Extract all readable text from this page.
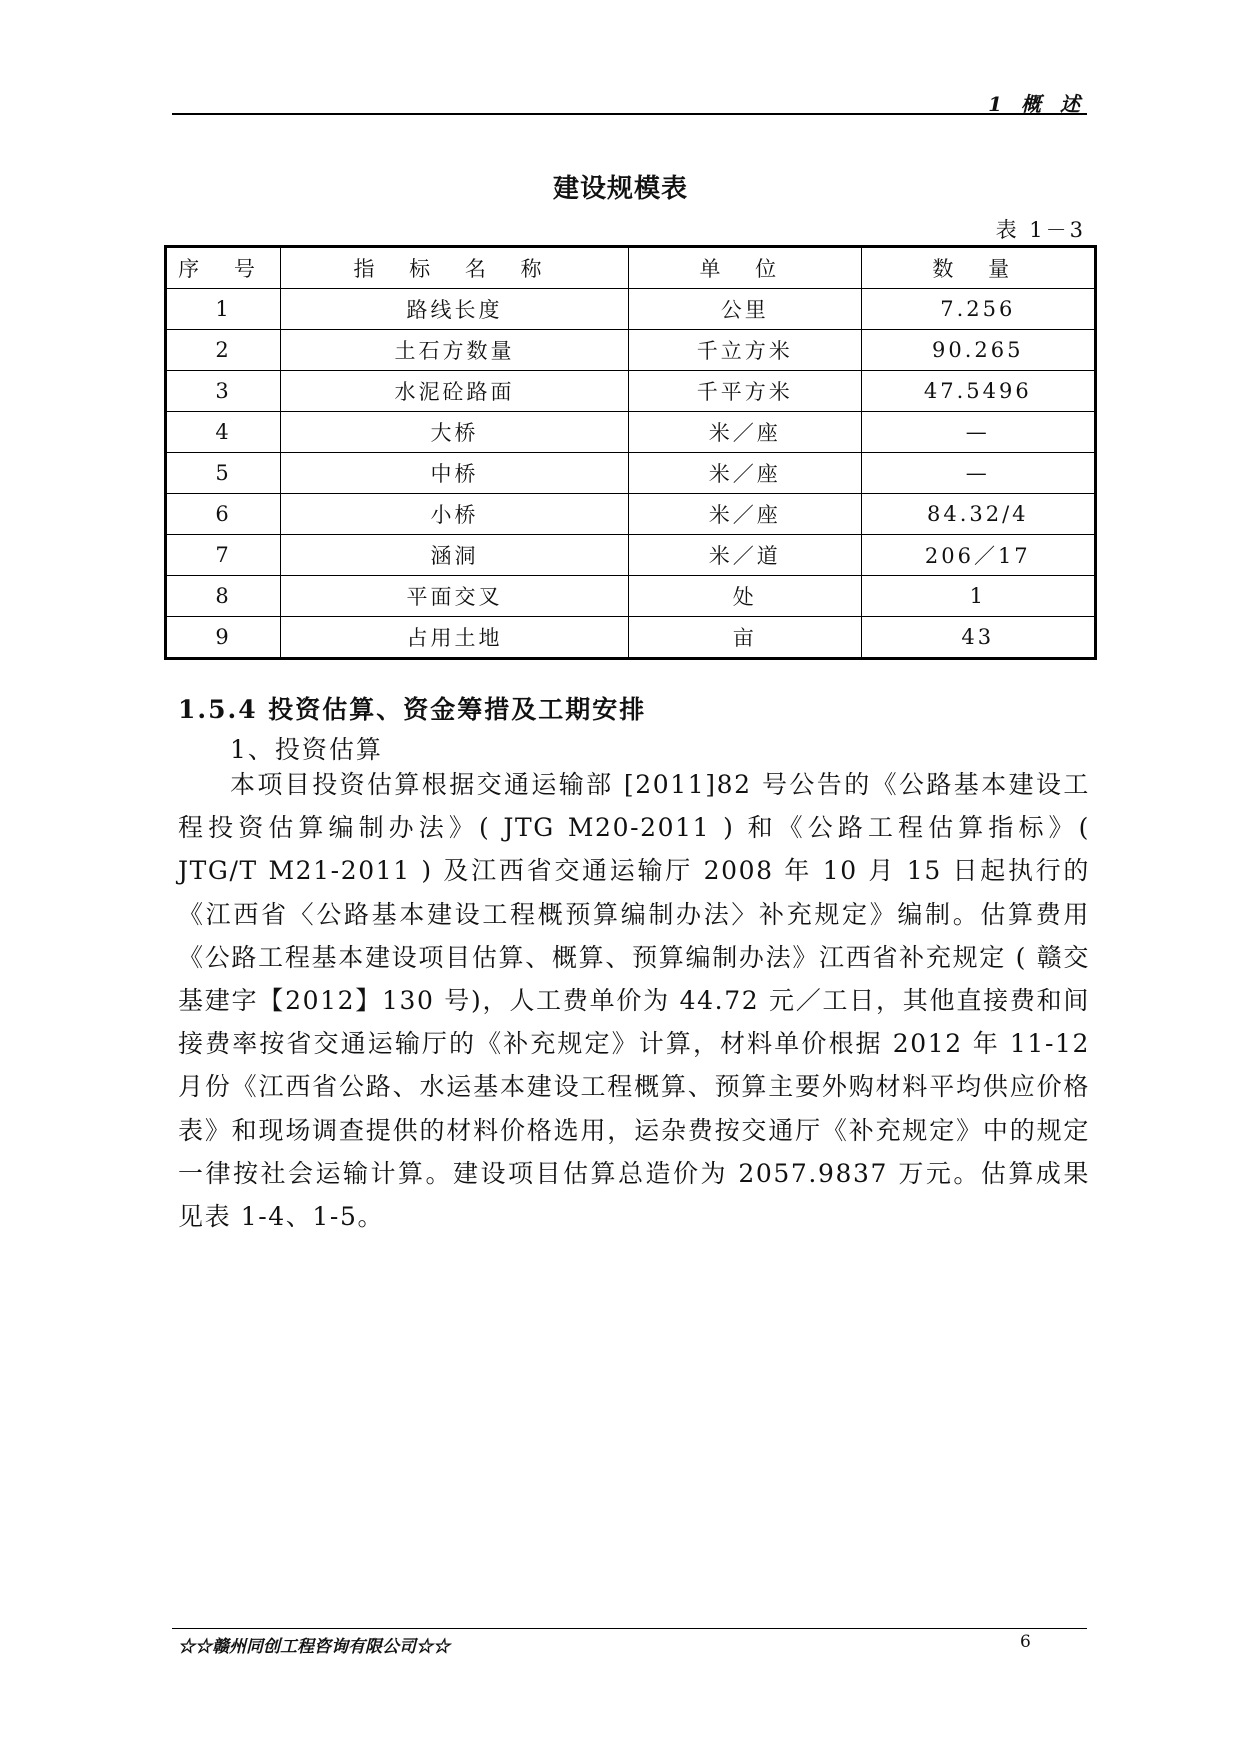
1 概 述
建设规模表
表 1－3
序 号	指 标 名 称	单 位	数 量
1	路线长度	公里	7.256
2	土石方数量	千立方米	90.265
3	水泥砼路面	千平方米	47.5496
4	大桥	米／座	—
5	中桥	米／座	—
6	小桥	米／座	84.32/4
7	涵洞	米／道	206／17
8	平面交叉	处	1
9	占用土地	亩	43
1.5.4 投资估算、资金筹措及工期安排
1、投资估算
本项目投资估算根据交通运输部 [2011]82 号公告的《公路基本建设工程投资估算编制办法》( JTG M20-2011 ) 和《公路工程估算指标》( JTG/T M21-2011 ) 及江西省交通运输厅 2008 年 10 月 15 日起执行的《江西省〈公路基本建设工程概预算编制办法〉补充规定》编制。估算费用《公路工程基本建设项目估算、概算、预算编制办法》江西省补充规定 ( 赣交基建字【2012】130 号)，人工费单价为 44.72 元／工日，其他直接费和间接费率按省交通运输厅的《补充规定》计算，材料单价根据 2012 年 11-12 月份《江西省公路、水运基本建设工程概算、预算主要外购材料平均供应价格表》和现场调查提供的材料价格选用，运杂费按交通厅《补充规定》中的规定一律按社会运输计算。建设项目估算总造价为 2057.9837 万元。估算成果见表 1-4、1-5。
☆☆赣州同创工程咨询有限公司☆☆	6
